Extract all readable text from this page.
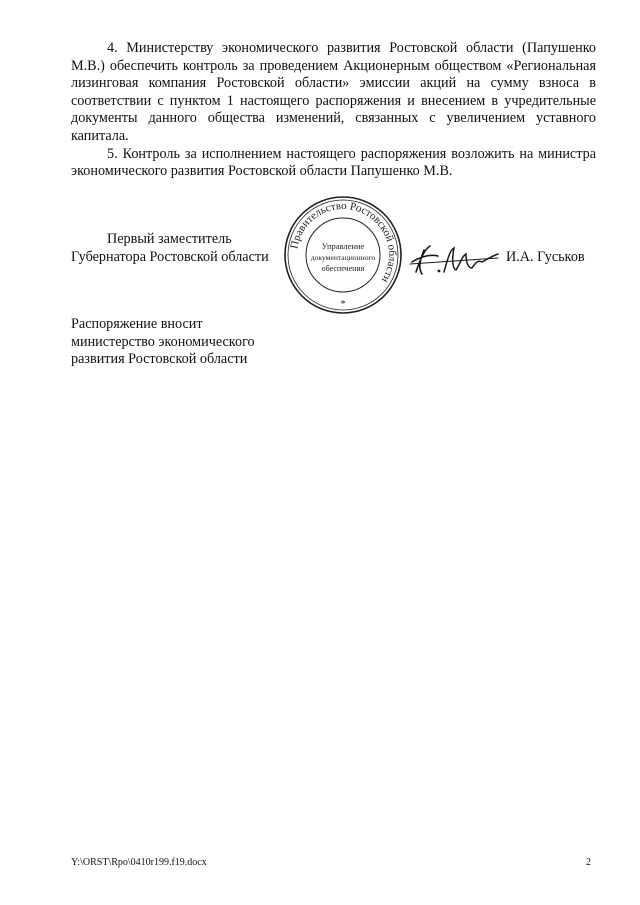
4. Министерству экономического развития Ростовской области (Папушенко М.В.) обеспечить контроль за проведением Акционерным обществом «Региональная лизинговая компания Ростовской области» эмиссии акций на сумму взноса в соответствии с пунктом 1 настоящего распоряжения и внесением в учредительные документы данного общества изменений, связанных с увеличением уставного капитала.

5. Контроль за исполнением настоящего распоряжения возложить на министра экономического развития Ростовской области Папушенко М.В.

Первый заместитель
Губернатора Ростовской области
Правительство Ростовской области
Управление
документационного
обеспечения
*
И.А. Гуськов
Распоряжение вносит
министерство экономического
развития Ростовской области
Y:\ORST\Rpo\0410r199.f19.docx	2
